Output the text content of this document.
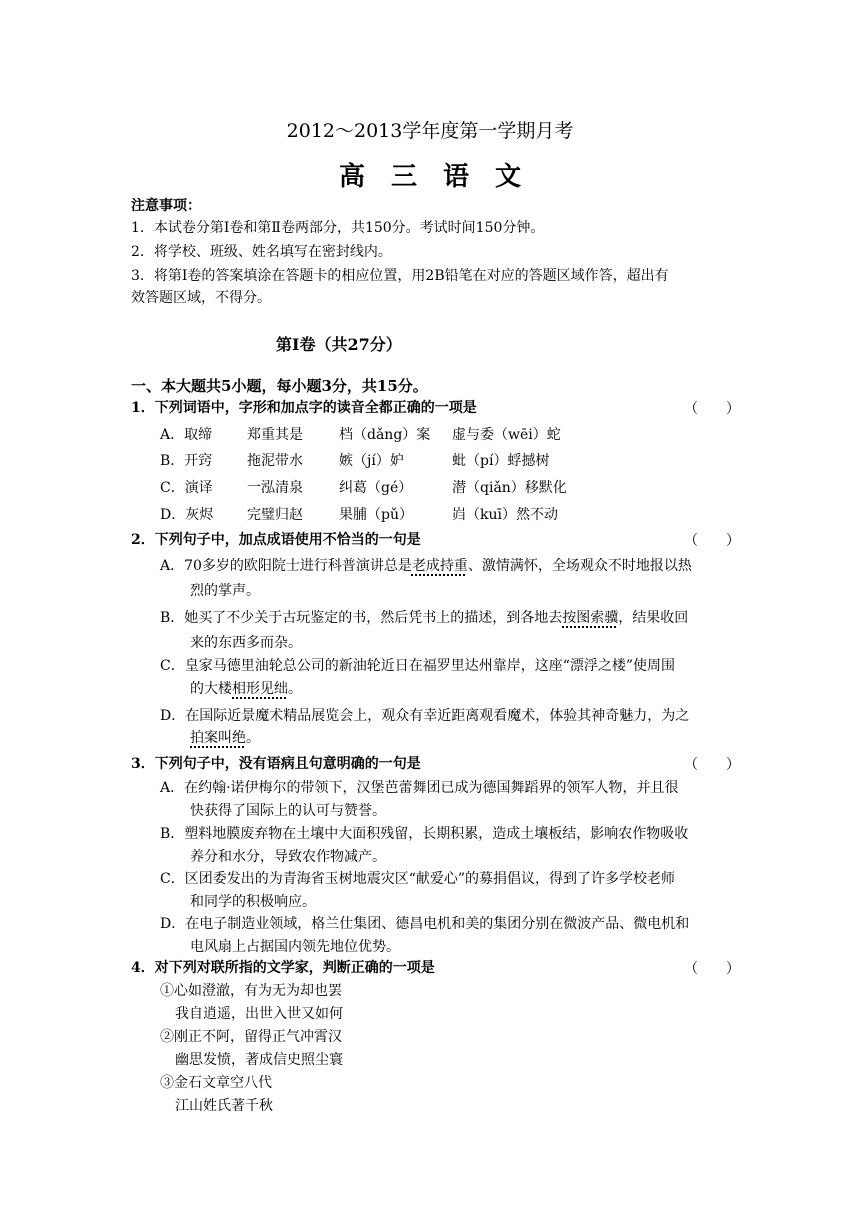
2012～2013学年度第一学期月考
高三语文
注意事项：
1．本试卷分第Ⅰ卷和第Ⅱ卷两部分，共150分。考试时间150分钟。
2．将学校、班级、姓名填写在密封线内。
3．将第Ⅰ卷的答案填涂在答题卡的相应位置，用2B铅笔在对应的答题区域作答，超出有
效答题区域，不得分。
第Ⅰ卷（共27分）
一、本大题共5小题，每小题3分，共15分。
1．下列词语中，字形和加点字的读音全都正确的一项是	（　　）
A．取缔 郑重其是	档（dǎng）案 虚与委（wēi）蛇
B．开窍 拖泥带水	嫉（jí）妒	蚍（pí）蜉撼树
C．演译 一泓清泉	纠葛（gé）	潜（qiǎn）移默化
D．灰烬 完璧归赵	果脯（pǔ）	岿（kuī）然不动
2．下列句子中，加点成语使用不恰当的一句是	（　　）
A．70多岁的欧阳院士进行科普演讲总是老成持重、激情满怀，全场观众不时地报以热
烈的掌声。
B．她买了不少关于古玩鉴定的书，然后凭书上的描述，到各地去按图索骥，结果收回
来的东西多而杂。
C．皇家马德里油轮总公司的新油轮近日在福罗里达州靠岸，这座“漂浮之楼”使周围
的大楼相形见绌。
D．在国际近景魔术精品展览会上，观众有幸近距离观看魔术，体验其神奇魅力，为之
拍案叫绝。
3．下列句子中，没有语病且句意明确的一句是	（　　）
A．在约翰·诺伊梅尔的带领下，汉堡芭蕾舞团已成为德国舞蹈界的领军人物，并且很
快获得了国际上的认可与赞誉。
B．塑料地膜废弃物在土壤中大面积残留，长期积累，造成土壤板结，影响农作物吸收
养分和水分，导致农作物减产。
C．区团委发出的为青海省玉树地震灾区“献爱心”的募捐倡议，得到了许多学校老师
和同学的积极响应。
D．在电子制造业领域，格兰仕集团、德昌电机和美的集团分别在微波产品、微电机和
电风扇上占据国内领先地位优势。
4．对下列对联所指的文学家，判断正确的一项是	（　　）
①心如澄澈，有为无为却也罢
我自逍遥，出世入世又如何
②刚正不阿，留得正气冲霄汉
幽思发愤，著成信史照尘寰
③金石文章空八代
江山姓氏著千秋
